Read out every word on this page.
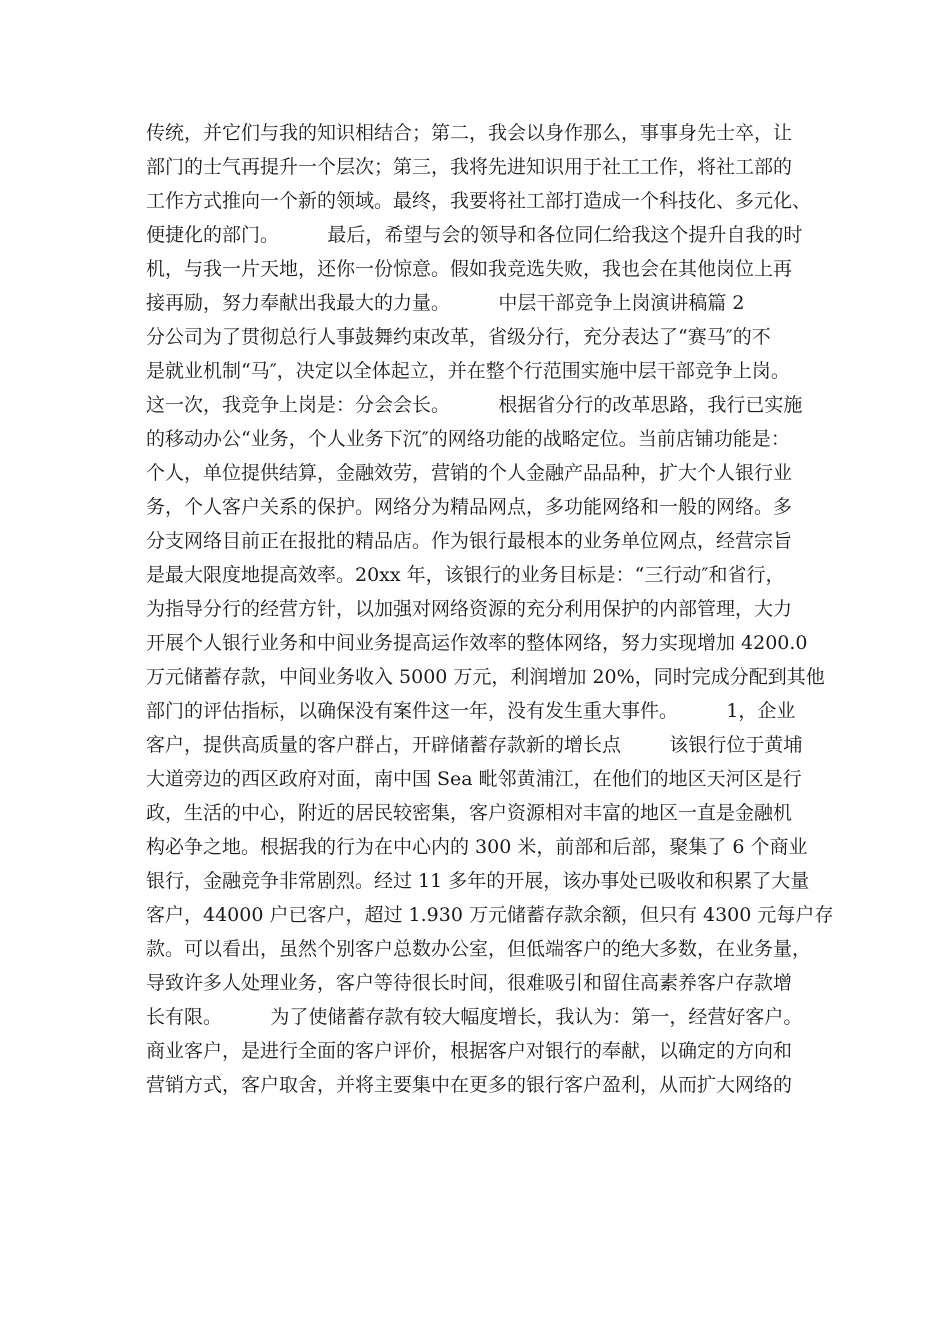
传统，并它们与我的知识相结合；第二，我会以身作那么，事事身先士卒，让
部门的士气再提升一个层次；第三，我将先进知识用于社工工作，将社工部的
工作方式推向一个新的领域。最终，我要将社工部打造成一个科技化、多元化、
便捷化的部门。        最后，希望与会的领导和各位同仁给我这个提升自我的时
机，与我一片天地，还你一份惊意。假如我竞选失败，我也会在其他岗位上再
接再励，努力奉献出我最大的力量。        中层干部竞争上岗演讲稿篇 2
分公司为了贯彻总行人事鼓舞约束改革，省级分行，充分表达了“赛马″的不
是就业机制“马″，决定以全体起立，并在整个行范围实施中层干部竞争上岗。
这一次，我竞争上岗是：分会会长。        根据省分行的改革思路，我行已实施
的移动办公“业务，个人业务下沉″的网络功能的战略定位。当前店铺功能是：
个人，单位提供结算，金融效劳，营销的个人金融产品品种，扩大个人银行业
务，个人客户关系的保护。网络分为精品网点，多功能网络和一般的网络。多
分支网络目前正在报批的精品店。作为银行最根本的业务单位网点，经营宗旨
是最大限度地提高效率。20xx 年，该银行的业务目标是：“三行动″和省行，
为指导分行的经营方针，以加强对网络资源的充分利用保护的内部管理，大力
开展个人银行业务和中间业务提高运作效率的整体网络，努力实现增加 4200.0
万元储蓄存款，中间业务收入 5000 万元，利润增加 20%，同时完成分配到其他
部门的评估指标，以确保没有案件这一年，没有发生重大事件。        1，企业
客户，提供高质量的客户群占，开辟储蓄存款新的增长点        该银行位于黄埔
大道旁边的西区政府对面，南中国 Sea 毗邻黄浦江，在他们的地区天河区是行
政，生活的中心，附近的居民较密集，客户资源相对丰富的地区一直是金融机
构必争之地。根据我的行为在中心内的 300 米，前部和后部，聚集了 6 个商业
银行，金融竞争非常剧烈。经过 11 多年的开展，该办事处已吸收和积累了大量
客户，44000 户已客户，超过 1.930 万元储蓄存款余额，但只有 4300 元每户存
款。可以看出，虽然个别客户总数办公室，但低端客户的绝大多数，在业务量，
导致许多人处理业务，客户等待很长时间，很难吸引和留住高素养客户存款增
长有限。        为了使储蓄存款有较大幅度增长，我认为：第一，经营好客户。
商业客户，是进行全面的客户评价，根据客户对银行的奉献，以确定的方向和
营销方式，客户取舍，并将主要集中在更多的银行客户盈利，从而扩大网络的
